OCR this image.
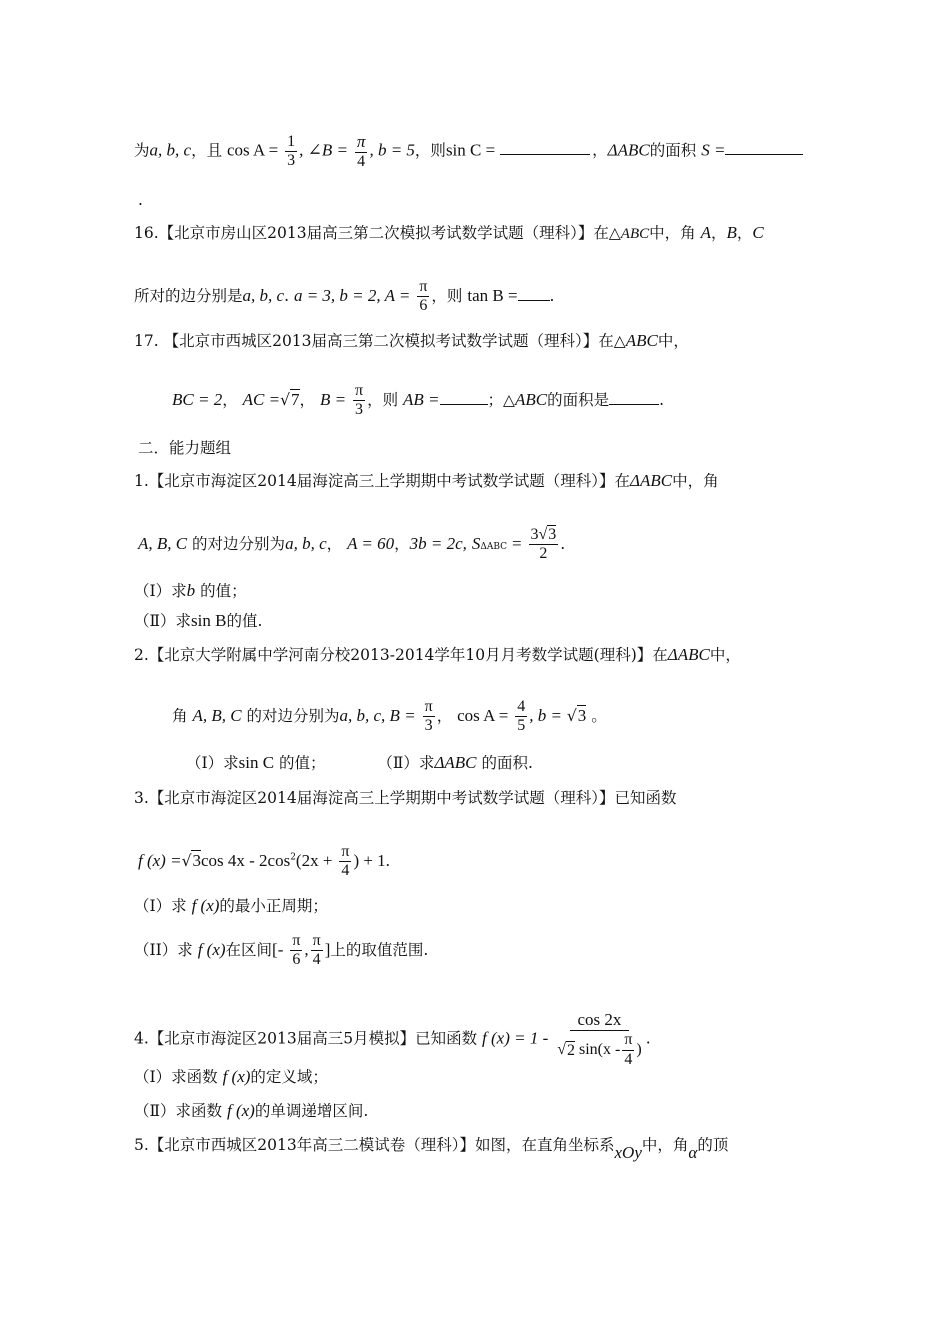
为a, b, c，且 $\cos A = \frac{1}{3}$ , ∠B = $\frac{\pi}{4}$ , b = 5，则sin C =	，ΔABC的面积 S =
.
16.【北京市房山区2013届高三第二次模拟考试数学试题（理科）】在△ABC中，角 A，B，C
所对的边分别是a, b, c. a = 3, b = 2, $A = \frac{\pi}{6}$ ，则 tan B = .
17. 【北京市西城区2013届高三第二次模拟考试数学试题（理科）】在△ABC中，
BC = 2， AC =√7， $B = \frac{\pi}{3}$ ，则 AB =	；△ABC的面积是	.
二．能力题组
1.【北京市海淀区2014届海淀高三上学期期中考试数学试题（理科）】在ΔABC中，角
A, B, C 的对边分别为a, b, c， A = 60，3b = 2c, $S\Delta ABC = \frac{3√3}{2}$ .
（Ⅰ）求b 的值；
（Ⅱ）求sin B的值.
2.【北京大学附属中学河南分校2013-2014学年10月月考数学试题(理科)】在ΔABC中，
角 A, B, C 的对边分别为a, b, c, $B = \frac{\pi}{3}$ ， $\cos A = \frac{4}{5}$ , b = √3 。
（Ⅰ）求sin C 的值；	（Ⅱ）求ΔABC 的面积.
3.【北京市海淀区2014届海淀高三上学期期中考试数学试题（理科）】已知函数
f (x) =√3cos $4x - 2\cos^2(2x + \frac{\pi}{4}$ ) + 1.
（I）求 f (x)的最小正周期；
（II）求 f (x)在区间[- $\frac{\pi}{6}$ , $\frac{\pi}{4}$ ]上的取值范围.
4.【北京市海淀区2013届高三5月模拟】已知函数 f (x) = 1 - cos 2x
√ 2
$\sin(x - \frac{\pi}{4}$ ) .
（Ⅰ）求函数 f (x)的定义域；
（Ⅱ）求函数 f (x)的单调递增区间.
5.【北京市西城区2013年高三二模试卷（理科）】如图，在直角坐标系xOy中，角α的顶
